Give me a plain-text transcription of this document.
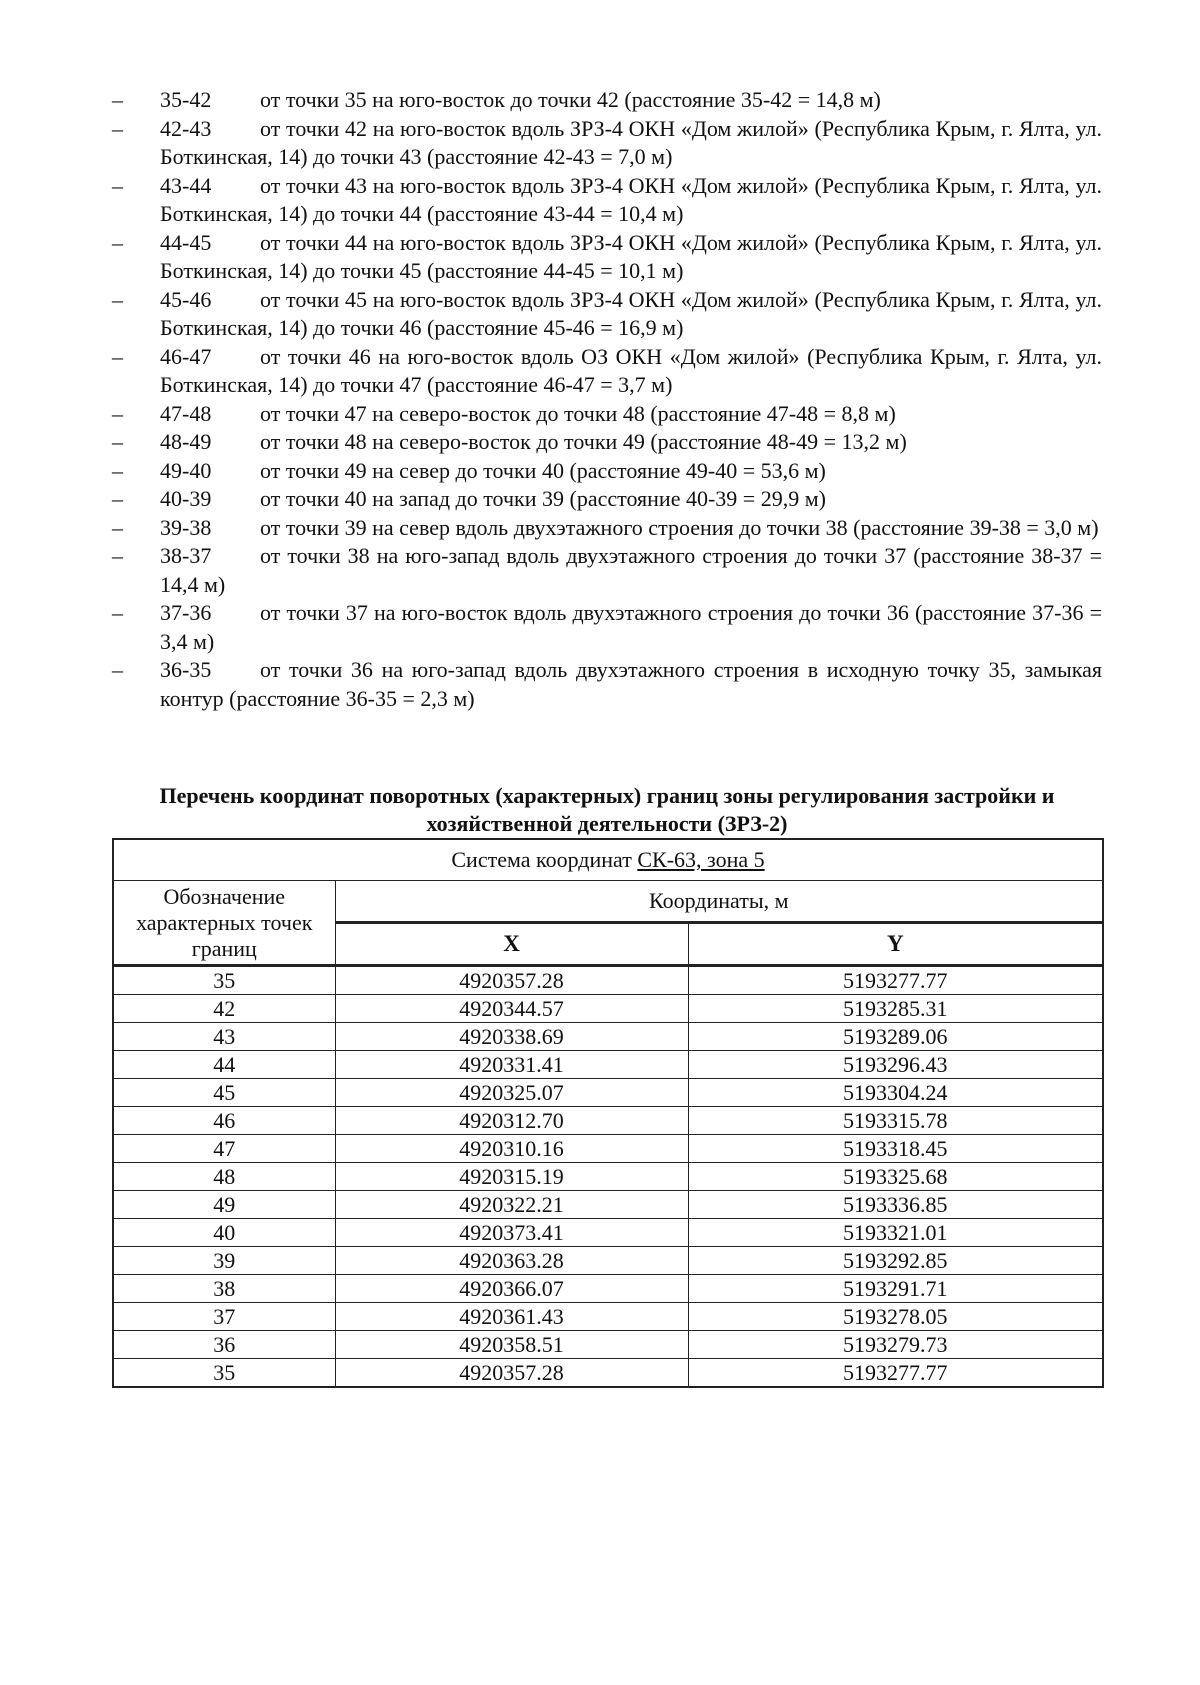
–	35-42 от точки 35 на юго-восток до точки 42 (расстояние 35-42 = 14,8 м)
–	42-43 от точки 42 на юго-восток вдоль ЗРЗ-4 ОКН «Дом жилой» (Республика Крым, г. Ялта, ул. Боткинская, 14) до точки 43 (расстояние 42-43 = 7,0 м)
–	43-44 от точки 43 на юго-восток вдоль ЗРЗ-4 ОКН «Дом жилой» (Республика Крым, г. Ялта, ул. Боткинская, 14) до точки 44 (расстояние 43-44 = 10,4 м)
–	44-45 от точки 44 на юго-восток вдоль ЗРЗ-4 ОКН «Дом жилой» (Республика Крым, г. Ялта, ул. Боткинская, 14) до точки 45 (расстояние 44-45 = 10,1 м)
–	45-46 от точки 45 на юго-восток вдоль ЗРЗ-4 ОКН «Дом жилой» (Республика Крым, г. Ялта, ул. Боткинская, 14) до точки 46 (расстояние 45-46 = 16,9 м)
–	46-47 от точки 46 на юго-восток вдоль ОЗ ОКН «Дом жилой» (Республика Крым, г. Ялта, ул. Боткинская, 14) до точки 47 (расстояние 46-47 = 3,7 м)
–	47-48 от точки 47 на северо-восток до точки 48 (расстояние 47-48 = 8,8 м)
–	48-49 от точки 48 на северо-восток до точки 49 (расстояние 48-49 = 13,2 м)
–	49-40 от точки 49 на север до точки 40 (расстояние 49-40 = 53,6 м)
–	40-39 от точки 40 на запад до точки 39 (расстояние 40-39 = 29,9 м)
–	39-38 от точки 39 на север вдоль двухэтажного строения до точки 38 (расстояние 39-38 = 3,0 м)
–	38-37 от точки 38 на юго-запад вдоль двухэтажного строения до точки 37 (расстояние 38-37 = 14,4 м)
–	37-36 от точки 37 на юго-восток вдоль двухэтажного строения до точки 36 (расстояние 37-36 = 3,4 м)
–	36-35 от точки 36 на юго-запад вдоль двухэтажного строения в исходную точку 35, замыкая контур (расстояние 36-35 = 2,3 м)
Перечень координат поворотных (характерных) границ зоны регулирования застройки и хозяйственной деятельности (ЗРЗ-2)
Система координат СК-63, зона 5		
Обозначение характерных точек границ	Координаты, м	
	X	Y
35	4920357.28	5193277.77
42	4920344.57	5193285.31
43	4920338.69	5193289.06
44	4920331.41	5193296.43
45	4920325.07	5193304.24
46	4920312.70	5193315.78
47	4920310.16	5193318.45
48	4920315.19	5193325.68
49	4920322.21	5193336.85
40	4920373.41	5193321.01
39	4920363.28	5193292.85
38	4920366.07	5193291.71
37	4920361.43	5193278.05
36	4920358.51	5193279.73
35	4920357.28	5193277.77
